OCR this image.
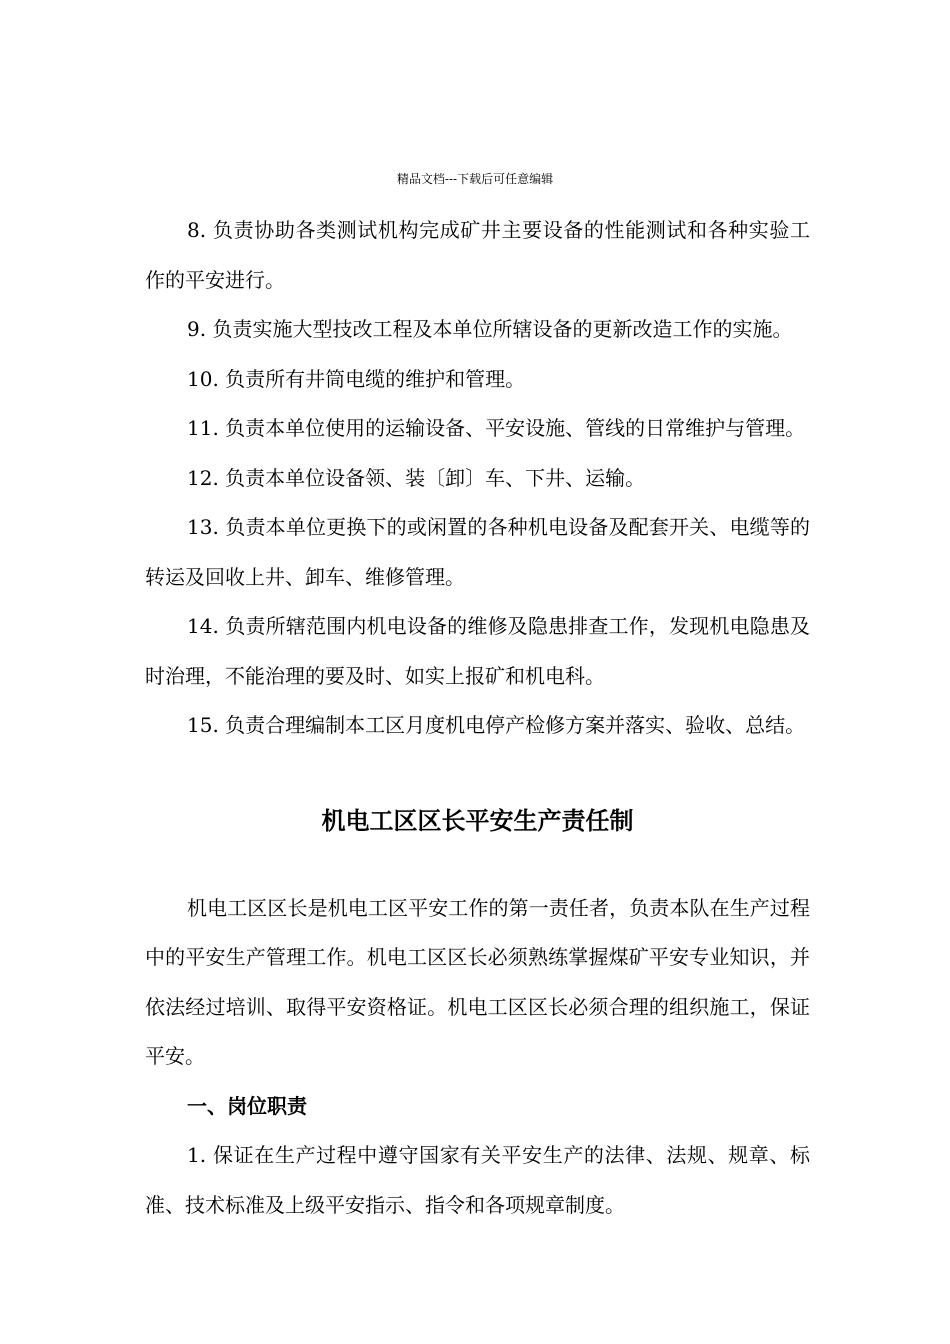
精品文档---下载后可任意编辑

8. 负责协助各类测试机构完成矿井主要设备的性能测试和各种实验工作的平安进行。

9. 负责实施大型技改工程及本单位所辖设备的更新改造工作的实施。

10. 负责所有井筒电缆的维护和管理。

11. 负责本单位使用的运输设备、平安设施、管线的日常维护与管理。

12. 负责本单位设备领、装〔卸〕车、下井、运输。

13. 负责本单位更换下的或闲置的各种机电设备及配套开关、电缆等的转运及回收上井、卸车、维修管理。

14. 负责所辖范围内机电设备的维修及隐患排查工作，发现机电隐患及时治理，不能治理的要及时、如实上报矿和机电科。

15. 负责合理编制本工区月度机电停产检修方案并落实、验收、总结。

机电工区区长平安生产责任制

机电工区区长是机电工区平安工作的第一责任者，负责本队在生产过程中的平安生产管理工作。机电工区区长必须熟练掌握煤矿平安专业知识，并依法经过培训、取得平安资格证。机电工区区长必须合理的组织施工，保证平安。

一、岗位职责

1. 保证在生产过程中遵守国家有关平安生产的法律、法规、规章、标准、技术标准及上级平安指示、指令和各项规章制度。
